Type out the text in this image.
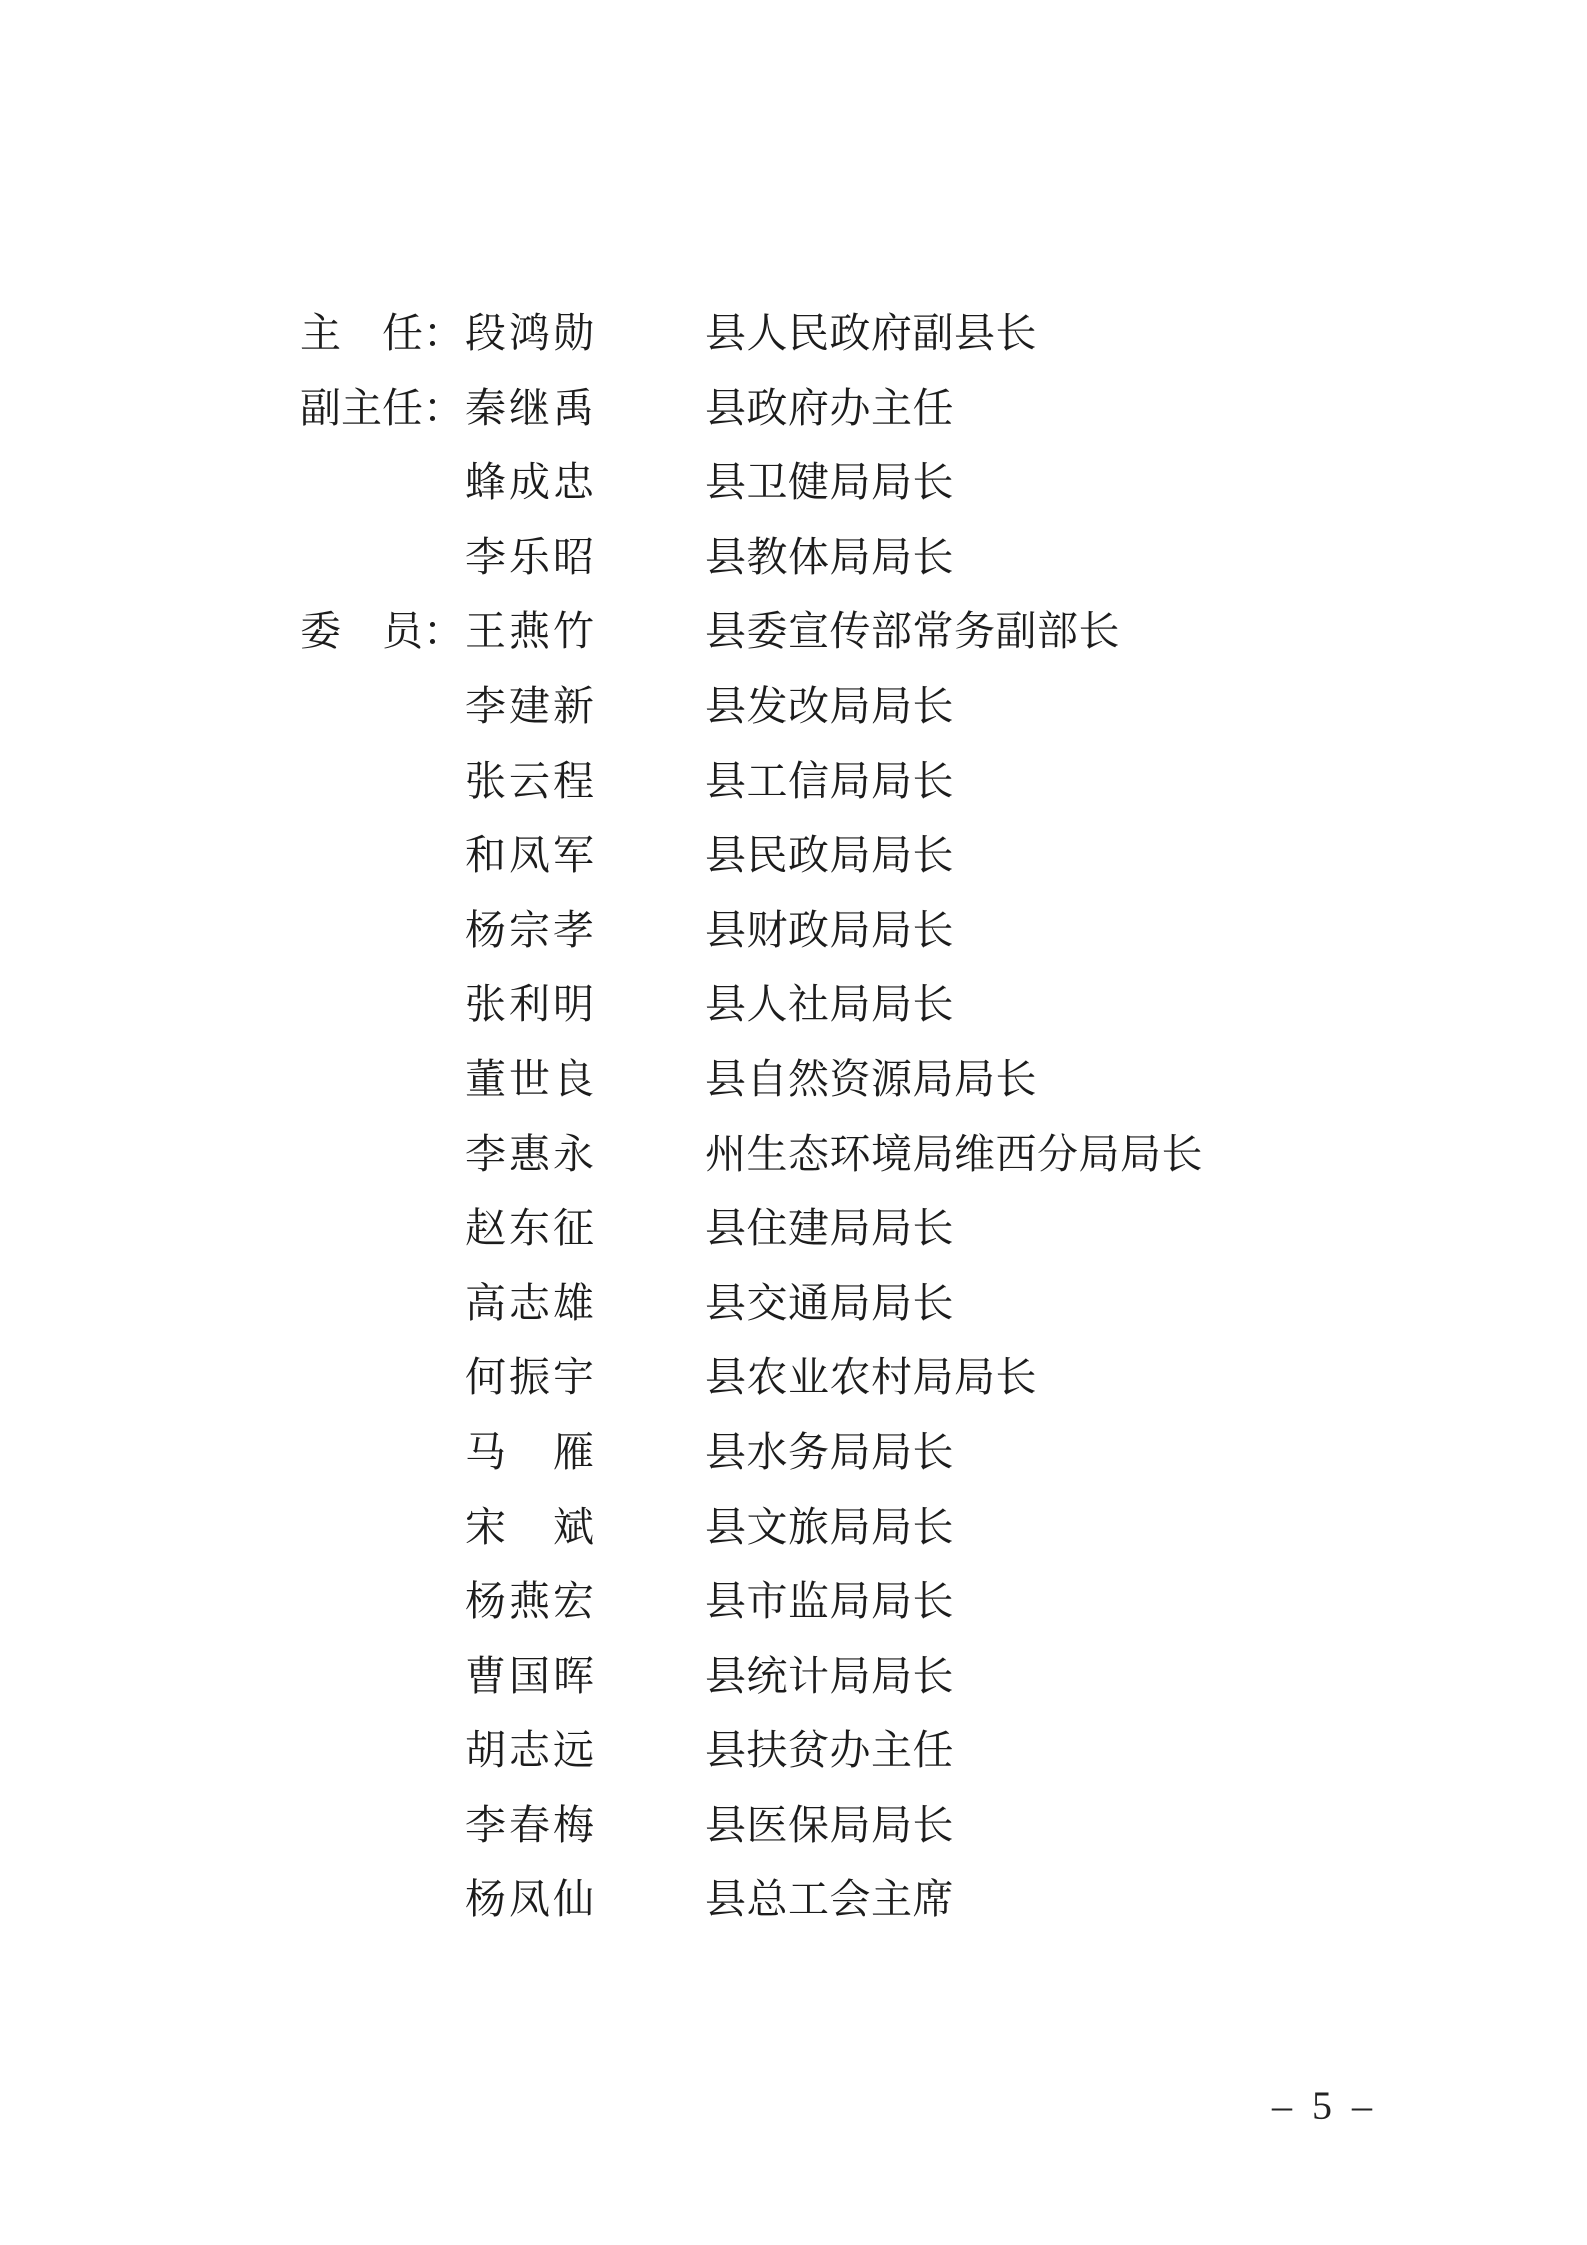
主　任： 段鸿勋	县人民政府副县长
副主任： 秦继禹	县政府办主任
蜂成忠	县卫健局局长
李乐昭	县教体局局长
委　员： 王燕竹	县委宣传部常务副部长
李建新	县发改局局长
张云程	县工信局局长
和凤军	县民政局局长
杨宗孝	县财政局局长
张利明	县人社局局长
董世良	县自然资源局局长
李惠永	州生态环境局维西分局局长
赵东征	县住建局局长
高志雄	县交通局局长
何振宇	县农业农村局局长
马　雁	县水务局局长
宋　斌	县文旅局局长
杨燕宏	县市监局局长
曹国晖	县统计局局长
胡志远	县扶贫办主任
李春梅	县医保局局长
杨凤仙	县总工会主席
– 5 –
